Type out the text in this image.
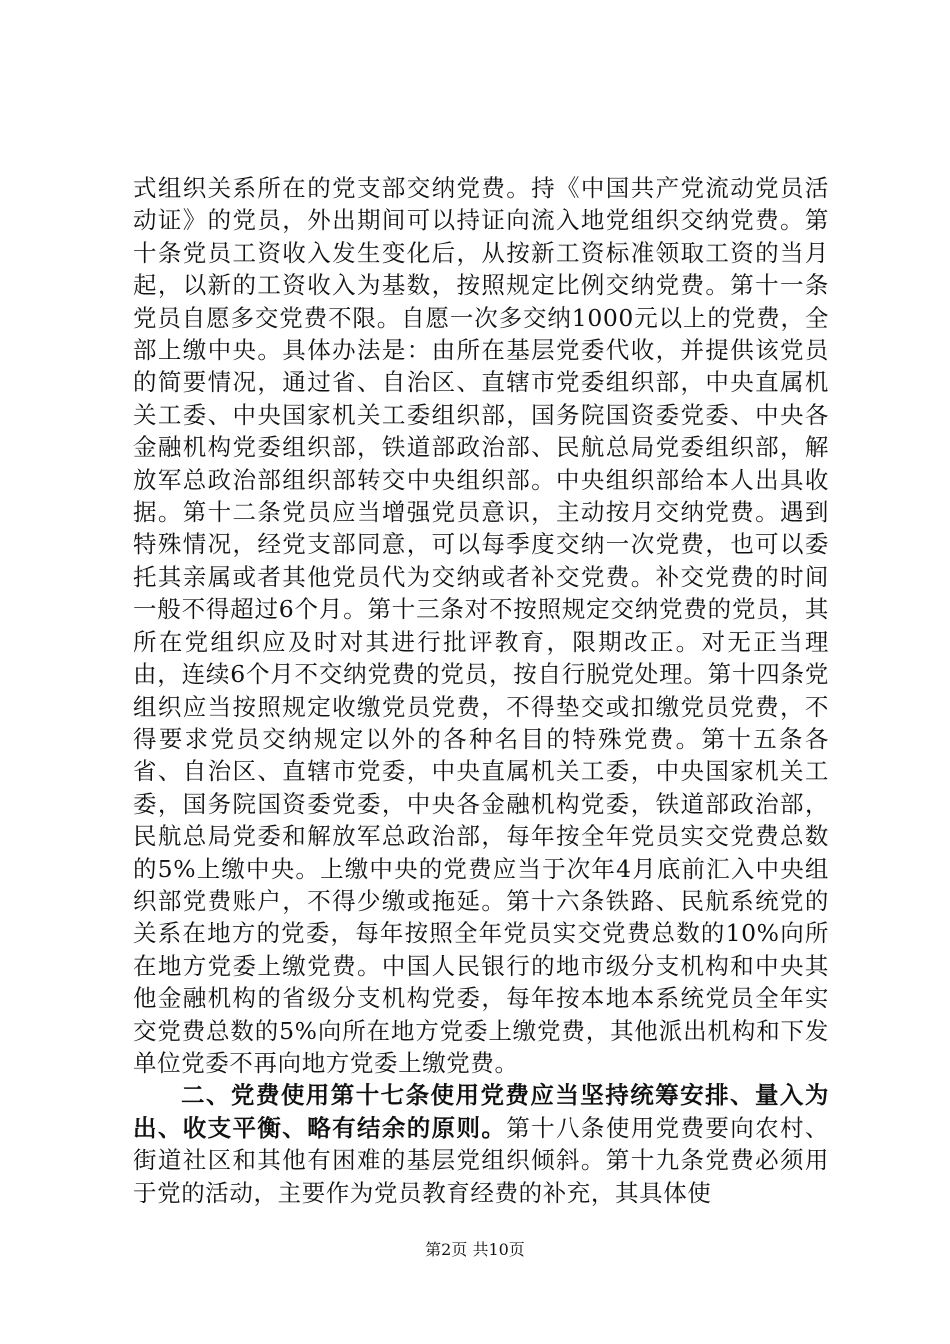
式组织关系所在的党支部交纳党费。持《中国共产党流动党员活动证》的党员，外出期间可以持证向流入地党组织交纳党费。第十条党员工资收入发生变化后，从按新工资标准领取工资的当月起，以新的工资收入为基数，按照规定比例交纳党费。第十一条党员自愿多交党费不限。自愿一次多交纳1000元以上的党费，全部上缴中央。具体办法是：由所在基层党委代收，并提供该党员的简要情况，通过省、自治区、直辖市党委组织部，中央直属机关工委、中央国家机关工委组织部，国务院国资委党委、中央各金融机构党委组织部，铁道部政治部、民航总局党委组织部，解放军总政治部组织部转交中央组织部。中央组织部给本人出具收据。第十二条党员应当增强党员意识，主动按月交纳党费。遇到特殊情况，经党支部同意，可以每季度交纳一次党费，也可以委托其亲属或者其他党员代为交纳或者补交党费。补交党费的时间一般不得超过6个月。第十三条对不按照规定交纳党费的党员，其所在党组织应及时对其进行批评教育，限期改正。对无正当理由，连续6个月不交纳党费的党员，按自行脱党处理。第十四条党组织应当按照规定收缴党员党费，不得垫交或扣缴党员党费，不得要求党员交纳规定以外的各种名目的特殊党费。第十五条各省、自治区、直辖市党委，中央直属机关工委，中央国家机关工委，国务院国资委党委，中央各金融机构党委，铁道部政治部，民航总局党委和解放军总政治部，每年按全年党员实交党费总数的5%上缴中央。上缴中央的党费应当于次年4月底前汇入中央组织部党费账户，不得少缴或拖延。第十六条铁路、民航系统党的关系在地方的党委，每年按照全年党员实交党费总数的10%向所在地方党委上缴党费。中国人民银行的地市级分支机构和中央其他金融机构的省级分支机构党委，每年按本地本系统党员全年实交党费总数的5%向所在地方党委上缴党费，其他派出机构和下发单位党委不再向地方党委上缴党费。

二、党费使用第十七条使用党费应当坚持统筹安排、量入为出、收支平衡、略有结余的原则。第十八条使用党费要向农村、街道社区和其他有困难的基层党组织倾斜。第十九条党费必须用于党的活动，主要作为党员教育经费的补充，其具体使

第2页 共10页
